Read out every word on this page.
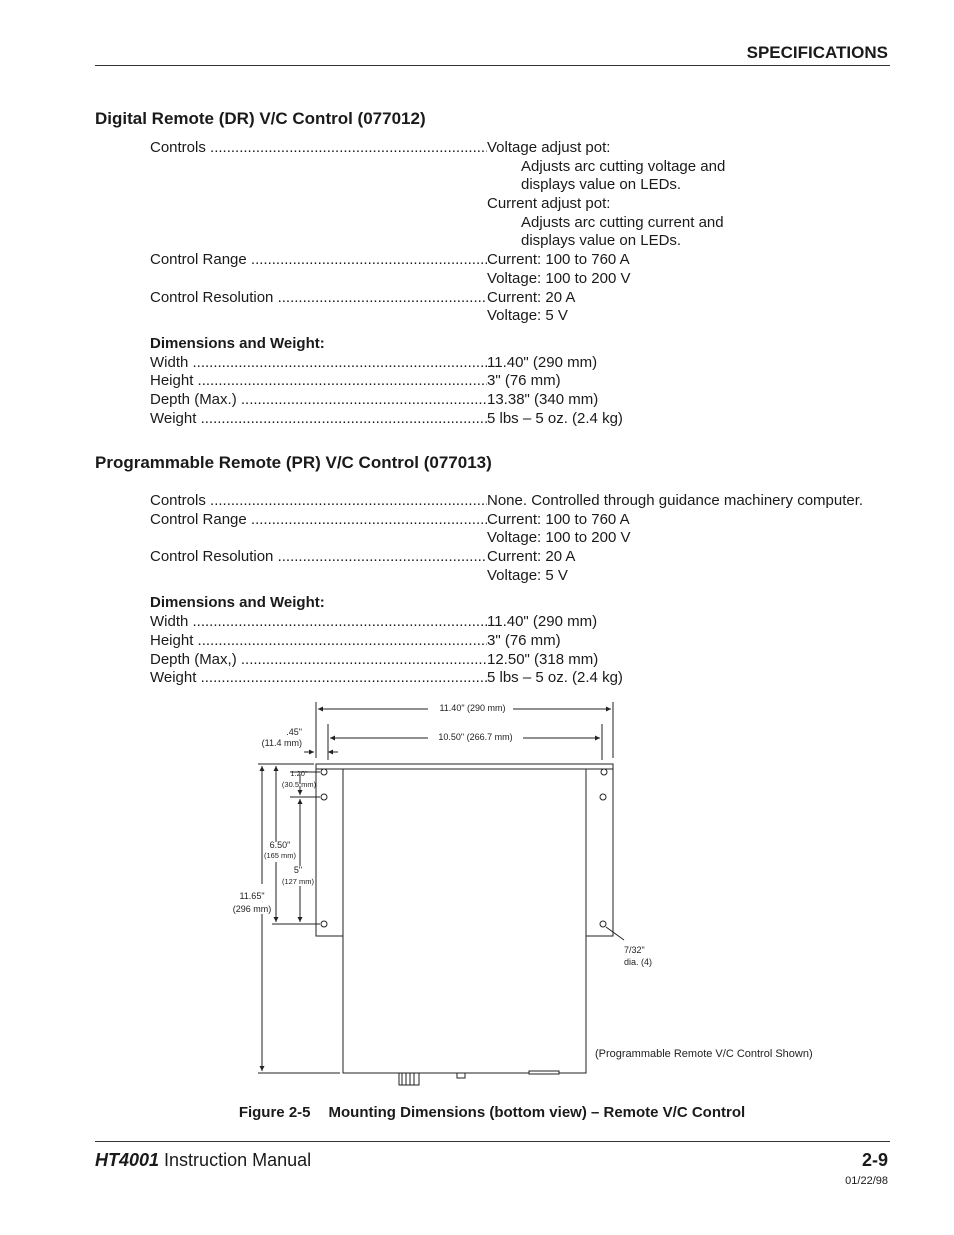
SPECIFICATIONS
Digital Remote (DR) V/C Control (077012)
Controls .....	Voltage adjust pot:
Adjusts arc cutting voltage and
displays value on LEDs.
Current adjust pot:
Adjusts arc cutting current and
displays value on LEDs.
Control Range .....	Current: 100 to 760 A
Voltage: 100 to 200 V
Control Resolution .....	Current: 20 A
Voltage: 5 V
Dimensions and Weight:
Width .....	11.40" (290 mm)
Height .....	3" (76 mm)
Depth (Max.) .....	13.38" (340 mm)
Weight .....	5 lbs – 5 oz. (2.4 kg)
Programmable Remote (PR) V/C Control (077013)
Controls .....	None. Controlled through guidance machinery computer.
Control Range .....	Current: 100 to 760 A
Voltage: 100 to 200 V
Control Resolution .....	Current: 20 A
Voltage: 5 V
Dimensions and Weight:
Width .....	11.40" (290 mm)
Height .....	3" (76 mm)
Depth (Max,) .....	12.50" (318 mm)
Weight .....	5 lbs – 5 oz. (2.4 kg)
11.40" (290 mm)
10.50" (266.7 mm)
.45"
(11.4 mm)
1.20"
(30.5 mm)
6.50"
(165 mm)
5"
(127 mm)
11.65"
(296 mm)
7/32"
dia. (4)
(Programmable Remote V/C Control Shown)
Figure 2-5 Mounting Dimensions (bottom view) – Remote V/C Control
HT4001 Instruction Manual	2-9
01/22/98
